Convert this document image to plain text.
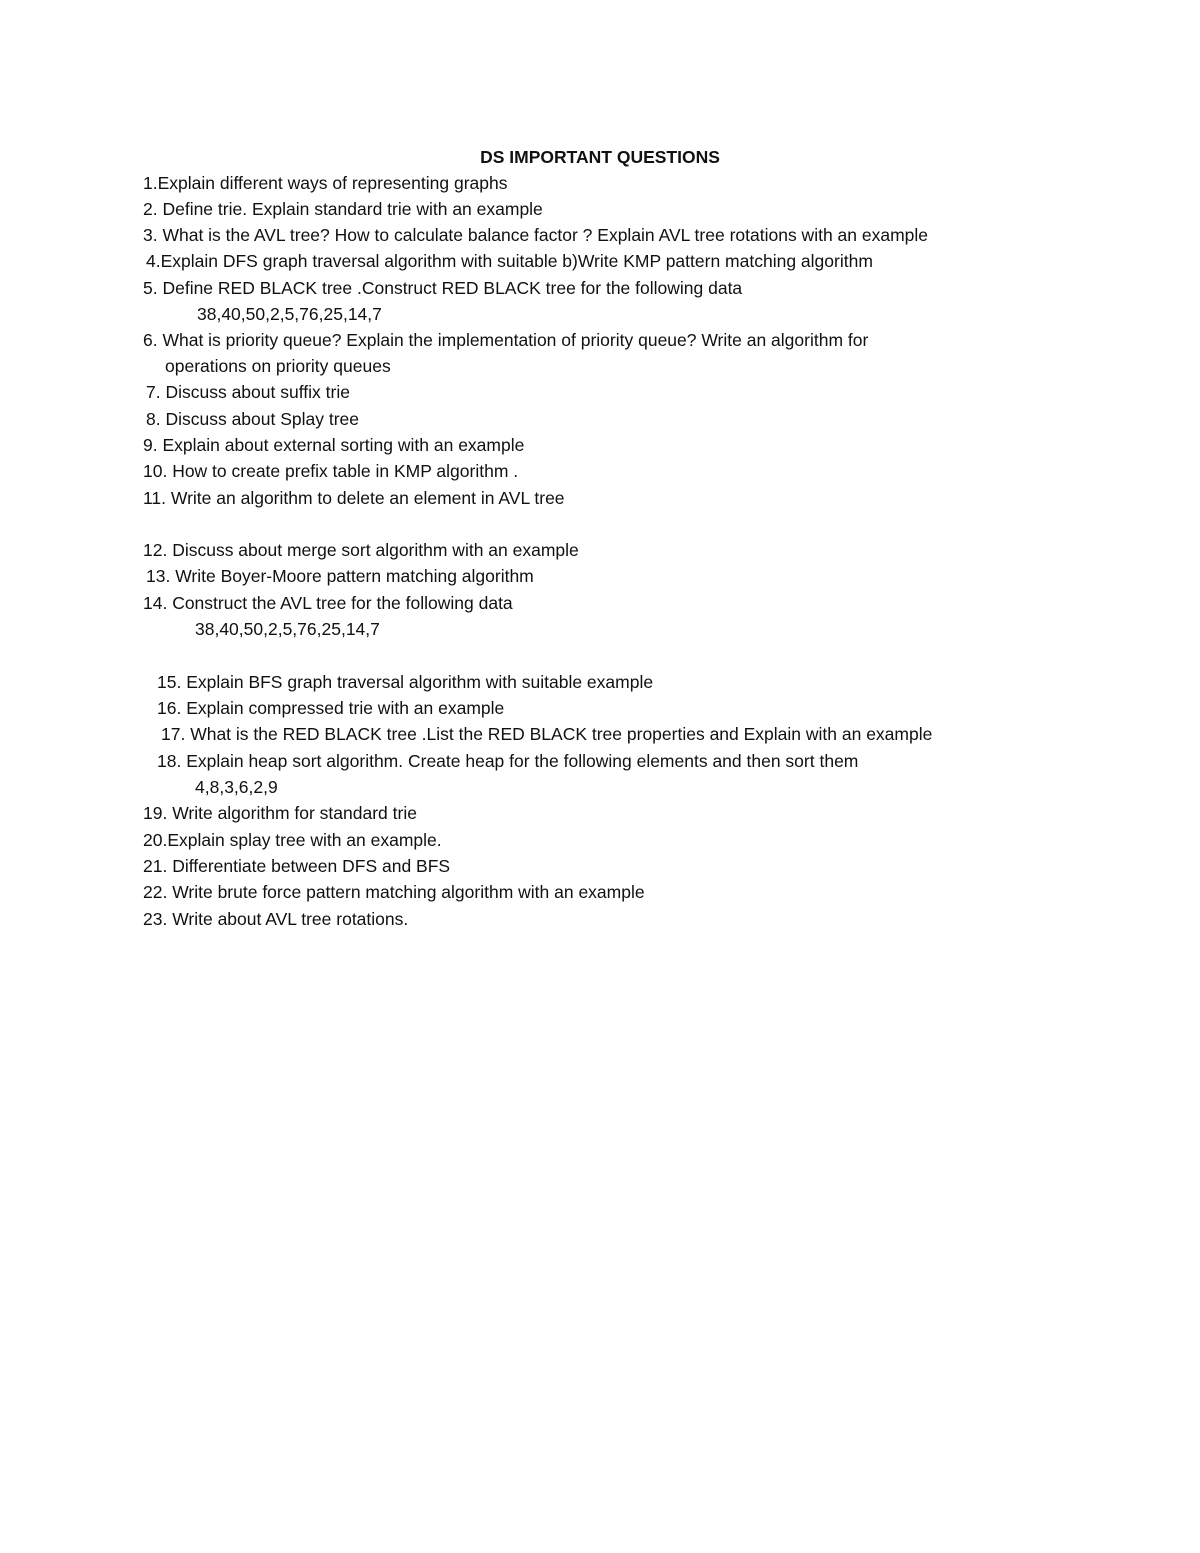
DS IMPORTANT QUESTIONS
1.Explain different ways of representing graphs
2. Define trie. Explain standard trie with an example
3. What is the AVL tree? How to calculate balance factor ? Explain AVL tree rotations with an example
4.Explain DFS graph traversal algorithm with suitable b)Write KMP pattern matching algorithm
5. Define RED BLACK tree .Construct RED BLACK tree for the following data
38,40,50,2,5,76,25,14,7
6. What is priority queue? Explain the implementation of priority queue? Write an algorithm for
operations on priority queues
7. Discuss about suffix trie
8. Discuss about Splay tree
9. Explain about external sorting with an example
10. How to create prefix table in KMP algorithm .
11. Write an algorithm to delete an element in AVL tree
12. Discuss about merge sort algorithm with an example
13. Write Boyer-Moore pattern matching algorithm
14. Construct the AVL tree for the following data
38,40,50,2,5,76,25,14,7
15. Explain BFS graph traversal algorithm with suitable example
16. Explain compressed trie with an example
17. What is the RED BLACK tree .List the RED BLACK tree properties and Explain with an example
18. Explain heap sort algorithm. Create heap for the following elements and then sort them
4,8,3,6,2,9
19. Write algorithm for standard trie
20.Explain splay tree with an example.
21. Differentiate between DFS and BFS
22. Write brute force pattern matching algorithm with an example
23. Write about AVL tree rotations.
